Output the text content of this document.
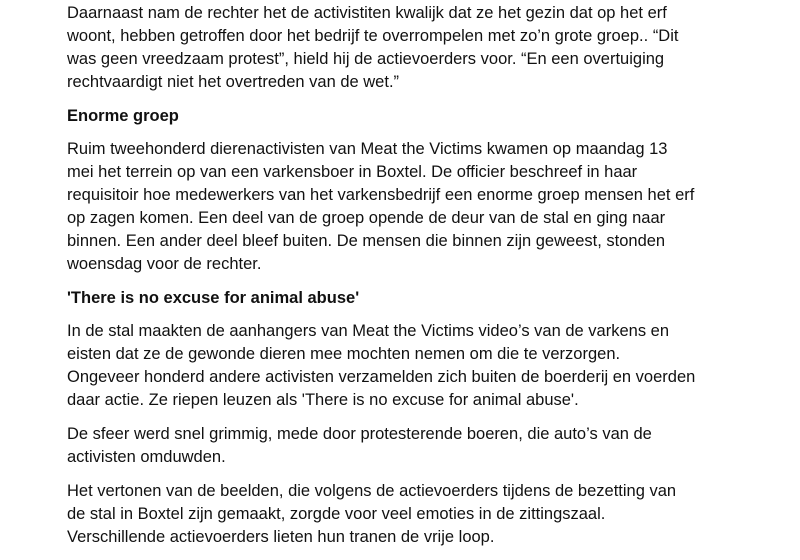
Daarnaast nam de rechter het de activistiten kwalijk dat ze het gezin dat op het erf
woont, hebben getroffen door het bedrijf te overrompelen met zo’n grote groep.. “Dit
was geen vreedzaam protest”, hield hij de actievoerders voor. “En een overtuiging
rechtvaardigt niet het overtreden van de wet.”

Enorme groep

Ruim tweehonderd dierenactivisten van Meat the Victims kwamen op maandag 13
mei het terrein op van een varkensboer in Boxtel. De officier beschreef in haar
requisitoir hoe medewerkers van het varkensbedrijf een enorme groep mensen het erf
op zagen komen. Een deel van de groep opende de deur van de stal en ging naar
binnen. Een ander deel bleef buiten. De mensen die binnen zijn geweest, stonden
woensdag voor de rechter.

'There is no excuse for animal abuse'

In de stal maakten de aanhangers van Meat the Victims video’s van de varkens en
eisten dat ze de gewonde dieren mee mochten nemen om die te verzorgen.
Ongeveer honderd andere activisten verzamelden zich buiten de boerderij en voerden
daar actie. Ze riepen leuzen als 'There is no excuse for animal abuse'.

De sfeer werd snel grimmig, mede door protesterende boeren, die auto’s van de
activisten omduwden.

Het vertonen van de beelden, die volgens de actievoerders tijdens de bezetting van
de stal in Boxtel zijn gemaakt, zorgde voor veel emoties in de zittingszaal.
Verschillende actievoerders lieten hun tranen de vrije loop.
